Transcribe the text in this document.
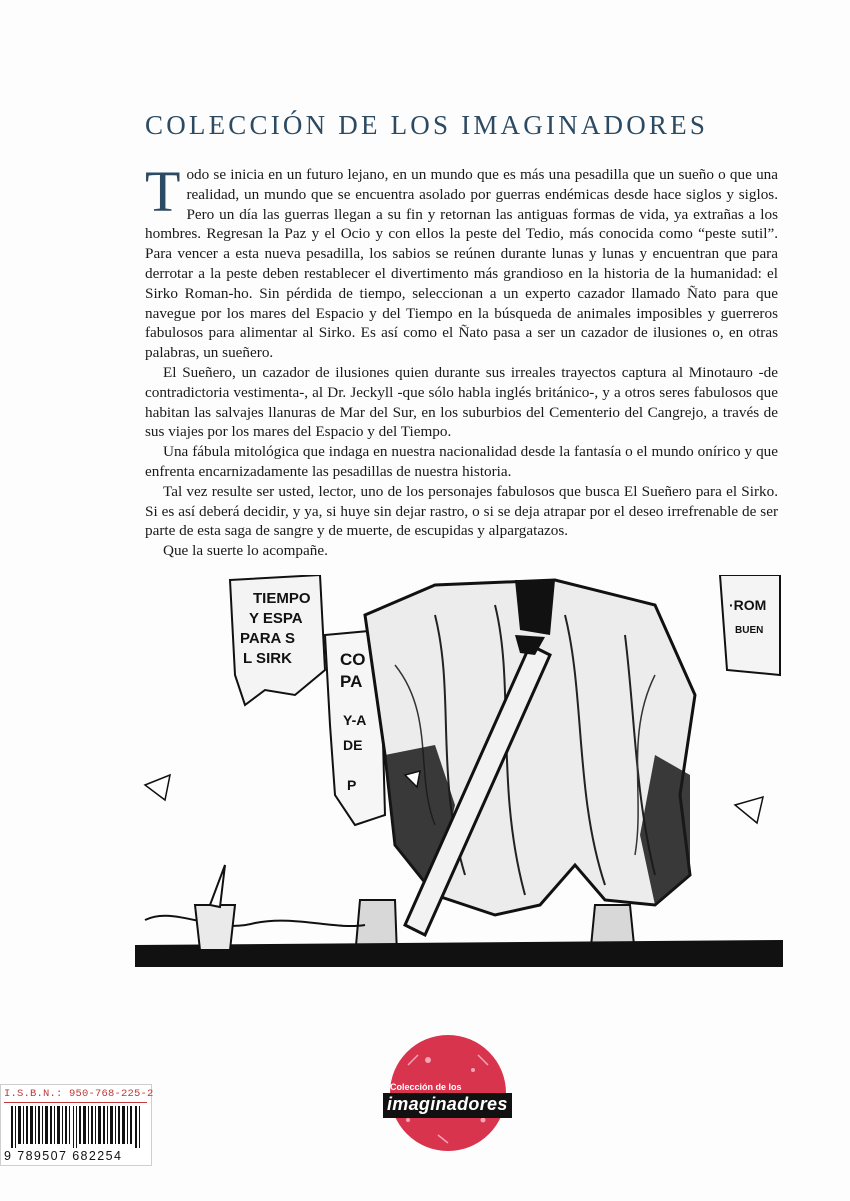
COLECCIÓN DE LOS IMAGINADORES

Todo se inicia en un futuro lejano, en un mundo que es más una pesadilla que un sueño o que una realidad, un mundo que se encuentra asolado por guerras endémicas desde hace siglos y siglos. Pero un día las guerras llegan a su fin y retornan las antiguas formas de vida, ya extrañas a los hombres. Regresan la Paz y el Ocio y con ellos la peste del Tedio, más conocida como “peste sutil”. Para vencer a esta nueva pesadilla, los sabios se reúnen durante lunas y lunas y encuentran que para derrotar a la peste deben restablecer el divertimento más grandioso en la historia de la humanidad: el Sirko Roman-ho. Sin pérdida de tiempo, seleccionan a un experto cazador llamado Ñato para que navegue por los mares del Espacio y del Tiempo en la búsqueda de animales imposibles y guerreros fabulosos para alimentar al Sirko. Es así como el Ñato pasa a ser un cazador de ilusiones o, en otras palabras, un sueñero.

El Sueñero, un cazador de ilusiones quien durante sus irreales trayectos captura al Minotauro -de contradictoria vestimenta-, al Dr. Jeckyll -que sólo habla inglés británico-, y a otros seres fabulosos que habitan las salvajes llanuras de Mar del Sur, en los suburbios del Cementerio del Cangrejo, a través de sus viajes por los mares del Espacio y del Tiempo.

Una fábula mitológica que indaga en nuestra nacionalidad desde la fantasía o el mundo onírico y que enfrenta encarnizadamente las pesadillas de nuestra historia.

Tal vez resulte ser usted, lector, uno de los personajes fabulosos que busca El Sueñero para el Sirko. Si es así deberá decidir, y ya, si huye sin dejar rastro, o si se deja atrapar por el deseo irrefrenable de ser parte de esta saga de sangre y de muerte, de escupidas y alpargatazos.

Que la suerte lo acompañe.

TIEMPO
Y ESPA
PARA S
L SIRK	CO
PA
Y-A
DE
P
·ROM
BUEN
I.S.B.N.: 950-768-225-2
9 789507 682254
Colección de los
imaginadores
